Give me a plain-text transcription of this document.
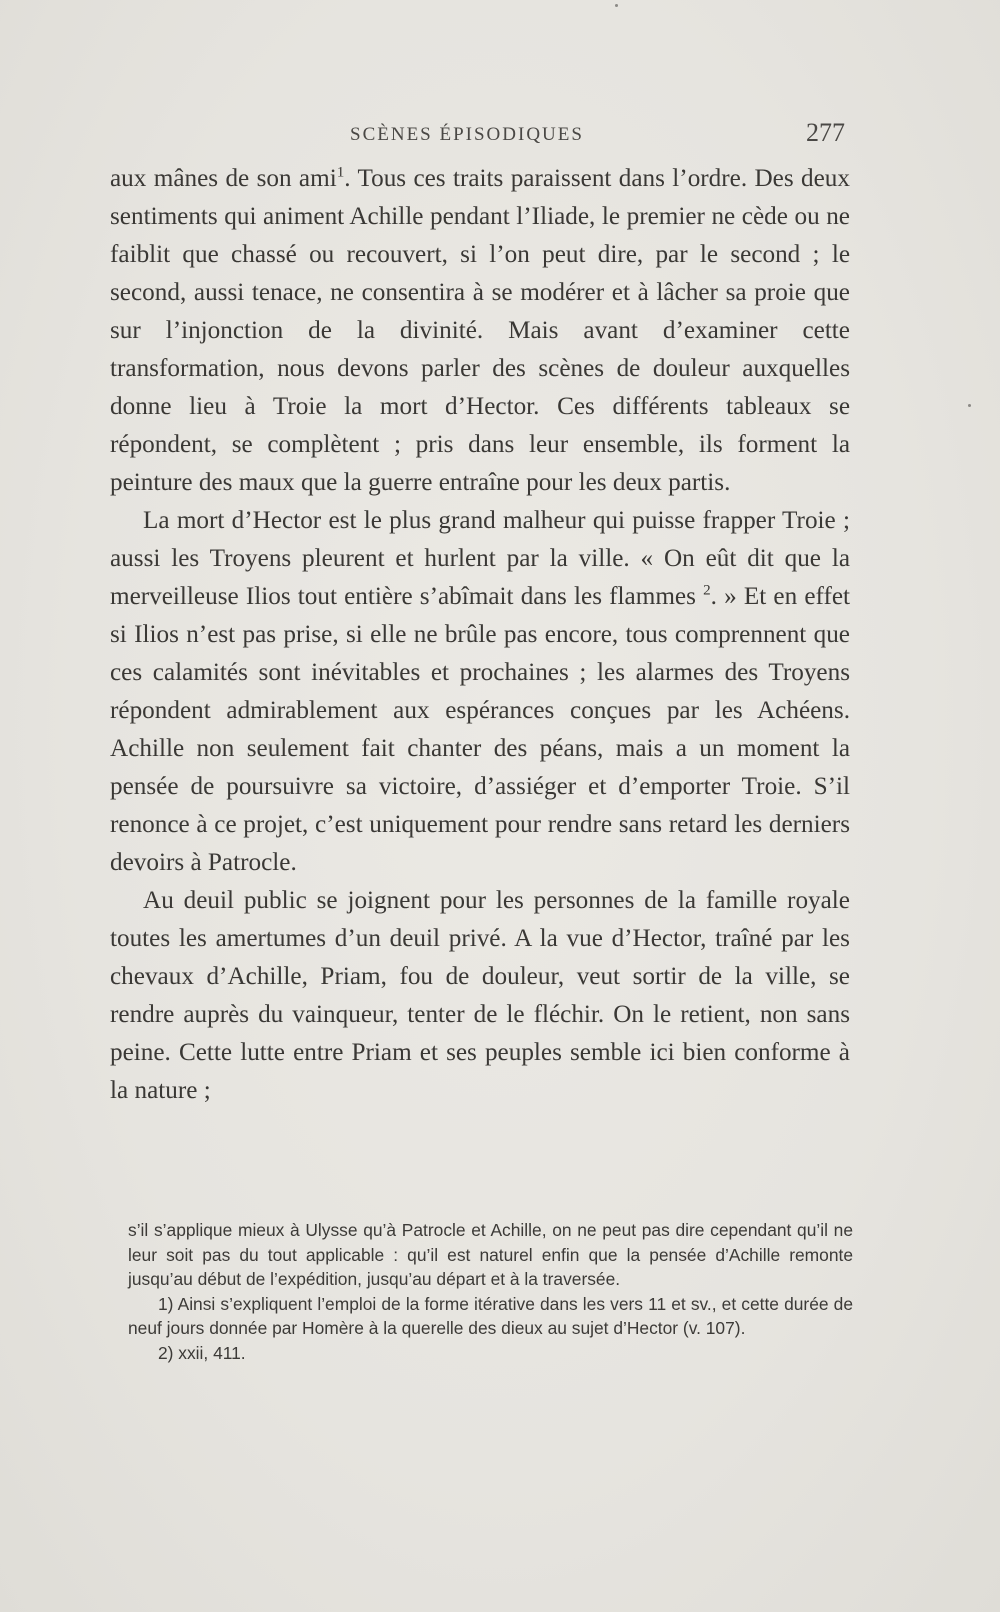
SCÈNES ÉPISODIQUES	277

aux mânes de son ami$^1$. Tous ces traits paraissent dans l’ordre. Des deux sentiments qui animent Achille pendant l’Iliade, le premier ne cède ou ne faiblit que chassé ou recouvert, si l’on peut dire, par le second ; le second, aussi tenace, ne consentira à se modérer et à lâcher sa proie que sur l’injonction de la divinité. Mais avant d’examiner cette transformation, nous devons parler des scènes de douleur auxquelles donne lieu à Troie la mort d’Hector. Ces différents tableaux se répondent, se complètent ; pris dans leur ensemble, ils forment la peinture des maux que la guerre entraîne pour les deux partis.

La mort d’Hector est le plus grand malheur qui puisse frapper Troie ; aussi les Troyens pleurent et hurlent par la ville. « On eût dit que la merveilleuse Ilios tout entière s’abîmait dans les flammes $^2$. » Et en effet si Ilios n’est pas prise, si elle ne brûle pas encore, tous comprennent que ces calamités sont inévitables et prochaines ; les alarmes des Troyens répondent admirablement aux espérances conçues par les Achéens. Achille non seulement fait chanter des péans, mais a un moment la pensée de poursuivre sa victoire, d’assiéger et d’emporter Troie. S’il renonce à ce projet, c’est uniquement pour rendre sans retard les derniers devoirs à Patrocle.

Au deuil public se joignent pour les personnes de la famille royale toutes les amertumes d’un deuil privé. A la vue d’Hector, traîné par les chevaux d’Achille, Priam, fou de douleur, veut sortir de la ville, se rendre auprès du vainqueur, tenter de le fléchir. On le retient, non sans peine. Cette lutte entre Priam et ses peuples semble ici bien conforme à la nature ;

s’il s’applique mieux à Ulysse qu’à Patrocle et Achille, on ne peut pas dire cependant qu’il ne leur soit pas du tout applicable : qu’il est naturel enfin que la pensée d’Achille remonte jusqu’au début de l’expédition, jusqu’au départ et à la traversée.

1) Ainsi s’expliquent l’emploi de la forme itérative dans les vers 11 et sv., et cette durée de neuf jours donnée par Homère à la querelle des dieux au sujet d’Hector (v. 107).

2) xxii, 411.
